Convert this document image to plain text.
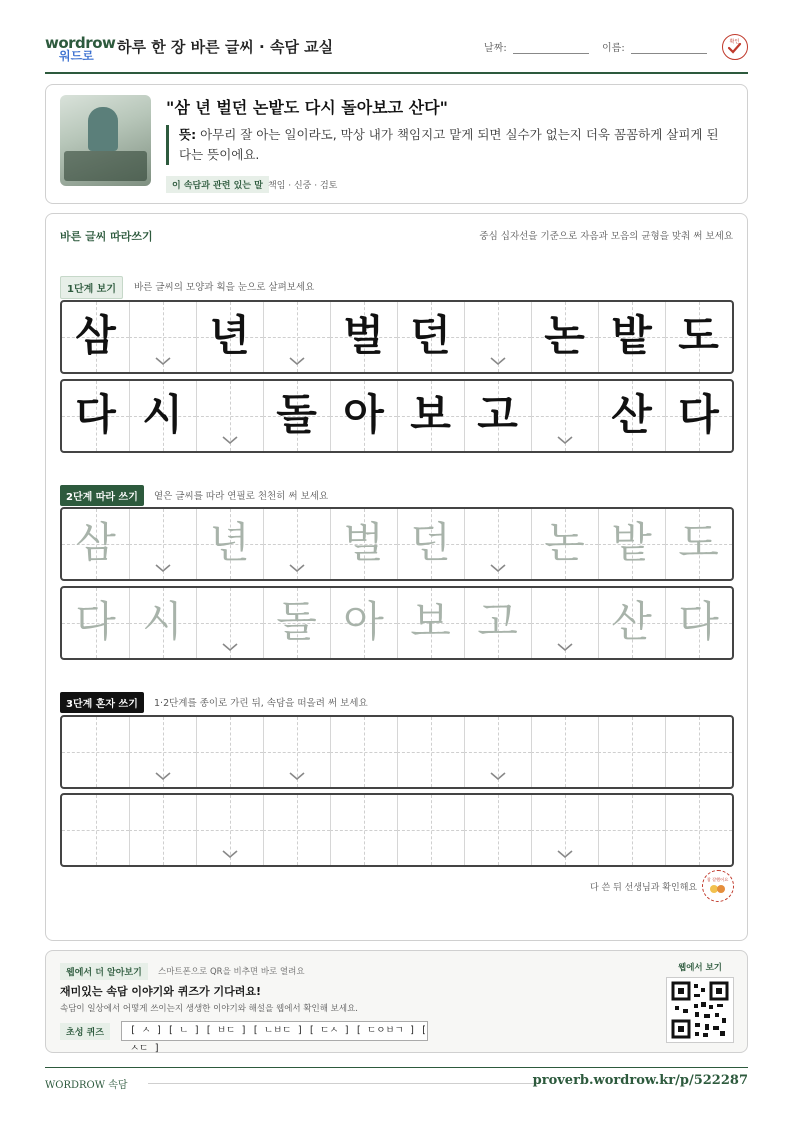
wordrow
워드로 하루 한 장 바른 글씨 · 속담 교실	날짜:	이름:
확인
"삼 년 벌던 논밭도 다시 돌아보고 산다"
뜻: 아무리 잘 아는 일이라도, 막상 내가 책임지고 맡게 되면 실수가 없는지 더욱 꼼꼼하게 살피게 된다는 뜻이에요.
이 속담과 관련 있는 말 책임 · 신중 · 검토
바른 글씨 따라쓰기	중심 십자선을 기준으로 자음과 모음의 균형을 맞춰 써 보세요
1단계 보기	바른 글씨의 모양과 획을 눈으로 살펴보세요
삼	년	벌 던	논 밭 도
다 시	돌 아 보 고	산 다
2단계 따라 쓰기	옅은 글씨를 따라 연필로 천천히 써 보세요
삼	년	벌 던	논 밭 도
다 시	돌 아 보 고	산 다
3단계 혼자 쓰기	1·2단계를 종이로 가린 뒤, 속담을 떠올려 써 보세요
다 쓴 뒤 선생님과 확인해요
참 잘했어요
웹에서 더 알아보기	스마트폰으로 QR을 비추면 바로 열려요
재미있는 속담 이야기와 퀴즈가 기다려요!
속담이 일상에서 어떻게 쓰이는지 생생한 이야기와 해설을 웹에서 확인해 보세요.
초성 퀴즈	[ ㅅ ] [ ㄴ ] [ ㅂㄷ ] [ ㄴㅂㄷ ] [ ㄷㅅ ] [ ㄷㅇㅂㄱ ] [ ㅅㄷ ]
웹에서 보기
WORDROW 속담	proverb.wordrow.kr/p/522287
